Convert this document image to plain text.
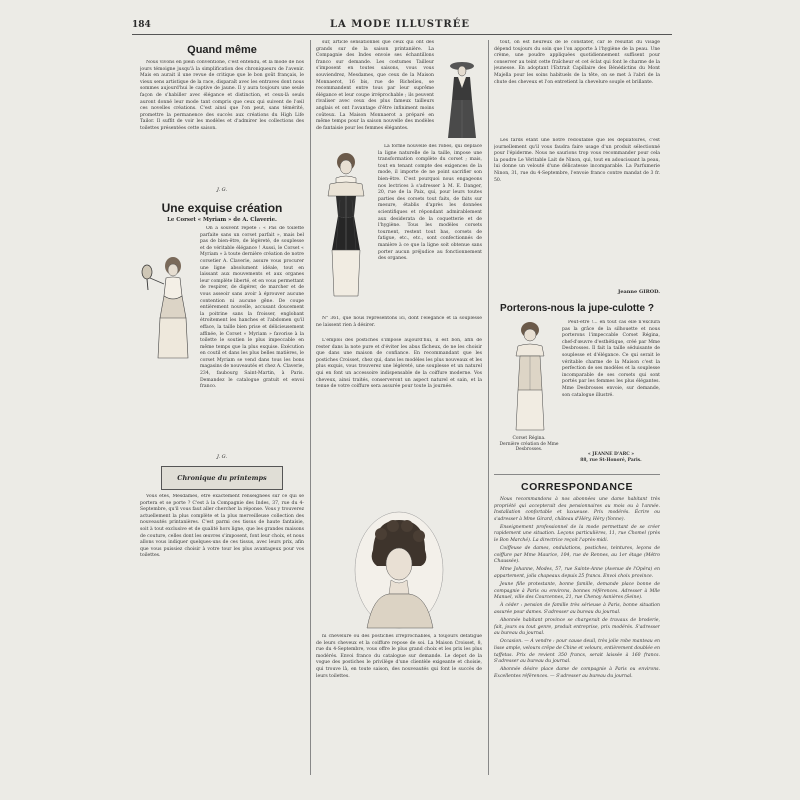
184	LA MODE ILLUSTRÉE
Quand même

Nous vivons en plein conventioné, c'est entendu, et la mode de nos jours témoigne jusqu'à la simplification des chroniqueurs de l'avenir. Mais en aurait il une revue de critique que le bon goût français, le vieux sens artistique de la race, disparaît avec les entraves dont nous sommes aujourd'hui le captive de jaune. Il y aura toujours une seule façon de s'habiller avec élégance et distinction, et ceux-là seuls auront donné leur mode tant compris que ceux qui suivent de l'œil ces novelles créations. C'est ainsi que l'on peut, sans témérité, promettre la permanence des succès aux créations du High Life Tailor. Il suffit de voir les modèles et d'admirer les collections des toilettes présentées cette saison.

J. G.
Une exquise création
Le Corset « Myriam » de A. Claverie.

On a souvent répété : « Pas de toilette parfaite sans un corset parfait », mais bel pas de bien-être, de légèreté, de souplesse et de véritable élégance ! Aussi, le Corset « Myriam » à toute dernière création de notre corsetier A. Claverie, assure vous procurer une ligne absolument idéale, tout en laissant aux mouvements et aux organes leur complète liberté, et en vous permettant de respirer, de digérer, de marcher et de vous asseoir sans avoir à éprouver aucune contention ni aucune gêne. De coupe entièrement nouvelle, accusant doucement la poitrine sans la froisser, englobant étroitement les hanches et l'abdomen qu'il efface, la taille bien prise et délicieusement affinée, le Corset « Myriam » favorise à la toilette le soutien le plus impeccable en même temps que la plus exquise. Exécution en coutil et dans les plus belles matières, le corset Myriam se vend dans tous les bons magasins de nouveautés et chez A. Claverie, 234, faubourg Saint-Martin, à Paris. Demandez le catalogue gratuit et envoi franco.

J. G.
Chronique du printemps

Vous êtes, Mesdames, être exactement renseignées sur ce qui se portera et se porte ? C'est à la Compagnie des Indes, 37, rue du 4-Septembre, qu'il vous faut aller chercher la réponse. Vous y trouverez actuellement la plus complète et la plus merveilleuse collection des nouveautés printanières. C'est parmi ces tissus de haute fantaisie, soit à tout exclusive et de qualité hors ligne, que les grandes maisons de couture, celles dont les œuvres s'imposent, font leur choix, et nous allons vous indiquer quelques-uns de ces tissus, avec leurs prix, afin que vous puissiez choisir à votre tour les plus avantageux pour vos toilettes.

sur, article sensationnel que ceux qui ont des grands sur de la saison printanière. La Compagnie des Indes envoie ses échantillons franco sur demande. Les costumes Tailleur s'imposent en toutes saisons, vous vous souviendrez, Mesdames, que ceux de la Maison Monnaerot, 16 bis, rue de Richelieu, se recommandent entre tous par leur suprême élégance et leur coupe irréprochable ; ils peuvent rivaliser avec ceux des plus fameux tailleurs anglais et ont l'avantage d'être infiniment moins coûteux. La Maison Monnaerot a préparé en même temps pour la saison nouvelle des modèles de fantaisie pour les femmes élégantes.

La forme nouvelle des robes, qui déplace la ligne naturelle de la taille, impose une transformation complète du corset ; mais, tout en tenant compte des exigences de la mode, il importe de ne point sacrifier son bien-être. C'est pourquoi nous engageons nos lectrices à s'adresser à M. E. Danger, 20, rue de la Paix, qui, pour leurs toutes parties des corsets tout faits, de faits sur mesure, établis d'après les données scientifiques et répondant admirablement aux desiderata de la coquetterie et de l'hygiène. Tous les modèles corsets tournent, restent tout bas, corsets de fatigue, etc., etc., sont confectionnés de manière à ce que la ligne soit obtenue sans porter aucun préjudice au fonctionnement des organes.

N° 361, que nous représentons ici, dont l'élégance et la souplesse ne laissent rien à désirer.

L'emploi des postiches s'impose aujourd'hui, il est bon, afin de rester dans la note pure et d'éviter les abus fâcheux, de ne les choisir que dans une maison de confiance. En recommandant que les postiches Croisset, chez qui, dans les modèles les plus nouveaux et les plus exquis, vous trouverez une légèreté, une souplesse et un naturel qui en font un accessoire indispensable de la coiffure moderne. Vos cheveux, ainsi traités, conserveront un aspect naturel et sain, et la tenue de votre coiffure sera assurée pour toute la journée.

ni chevelure ou des postiches irréprochables, à toujours défatigué de leurs cheveux et la coiffure repose de soi. La Maison Croisset, 8, rue du 4-Septembre, vous offre le plus grand choix et les prix les plus modérés. Envoi franco du catalogue sur demande. Le depot de la vogue des postiches le privilège d'une clientèle exigeante et choisie, qui trouve là, en toute saison, des nouveautés qui font le succès de leurs toilettes.

tout, on est heureux de le constater, car le résultat du visage dépend toujours du soin que l'on apporte à l'hygiène de la peau. Une crème, une poudre appliquées quotidiennement suffisent pour conserver au teint cette fraîcheur et cet éclat qui font le charme de la jeunesse. En adoptant l'Extrait Capillaire des Bénédictins du Mont Majella pour les soins habituels de la tête, on se met à l'abri de la chute des cheveux et l'on entretient la chevelure souple et brillante.

Les fards étant une notre redoutable que les dépilatoires, c'est journellement qu'il vous faudra faire usage d'un produit sélectionné pour l'épiderme. Nous ne saurions trop vous recommander pour cela la poudre Le Véritable Lait de Ninon, qui, tout en adoucissant la peau, lui donne un velouté d'une délicatesse incomparable. La Parfumerie Ninon, 31, rue du 4-Septembre, l'envoie franco contre mandat de 3 fr. 50.

Jeanne GIROD.
Porterons-nous la jupe-culotte ?

Peut-être !... en tout cas elle n'exclura pas la grâce de la silhouette et nous porterons l'impeccable Corset Régina, chef-d'œuvre d'esthétique, créé par Mme Desbrosses. Il fait la taille séduisante de souplesse et d'élégance. Ce qui serait le véritable charme de la Maison c'est la perfection de ses modèles et la souplesse incomparable de ses corsets qui sont portés par les femmes les plus élégantes. Mme Desbrosses envoie, sur demande, son catalogue illustré.

Corset Régina.
Dernière création de Mme Desbrosses.
« JEANNE D'ARC »
88, rue St-Honoré, Paris.
CORRESPONDANCE

Nous recommandons à nos abonnées une dame habitant très propriété qui accepterait des pensionnaires au mois ou à l'année. Installation confortable et luxueuse. Prix modérés. Écrire ou s'adresser à Mme Girard, château d'Héry, Héry (Yonne).

Enseignement professionnel de la mode permettant de se créer rapidement une situation. Leçons particulières, 11, rue Chomel (près le Bon Marché). La directrice reçoit l'après-midi.

Coiffeuse de dames, ondulations, postiches, teintures, leçons de coiffure par Mme Maurice, 104, rue de Rennes, au 1er étage (Métro Chaussée).

Mme Johanne, Modes, 57, rue Sainte-Anne (Avenue de l'Opéra) en appartement, jolis chapeaux depuis 25 francs. Envoi choix province.

Jeune fille protestante, bonne famille, demande place bonne de compagnie à Paris ou environs, bonnes références. Adresser à Mlle Manuel, ville des Courcennes, 21, rue Chenoy Asnières (Seine).

À céder : pension de famille très sérieuse à Paris, bonne situation assurée pour dames. S'adresser au bureau du journal.

Abonnée habitant province se chargerait de travaux de broderie, fait, jours ou tout genre, produit entreprise, prix modérés. S'adresser au bureau du journal.

Occasion. — A vendre : pour cause deuil, très jolie robe manteau en lisse ample, velours crêpe de Chine et velours, entièrement doublée en taffetas. Prix de revient 350 francs, serait laissée à 160 francs. S'adresser au bureau du journal.

Abonnée désire place dame de compagnie à Paris ou environs. Excellentes références. — S'adresser au bureau du journal.
